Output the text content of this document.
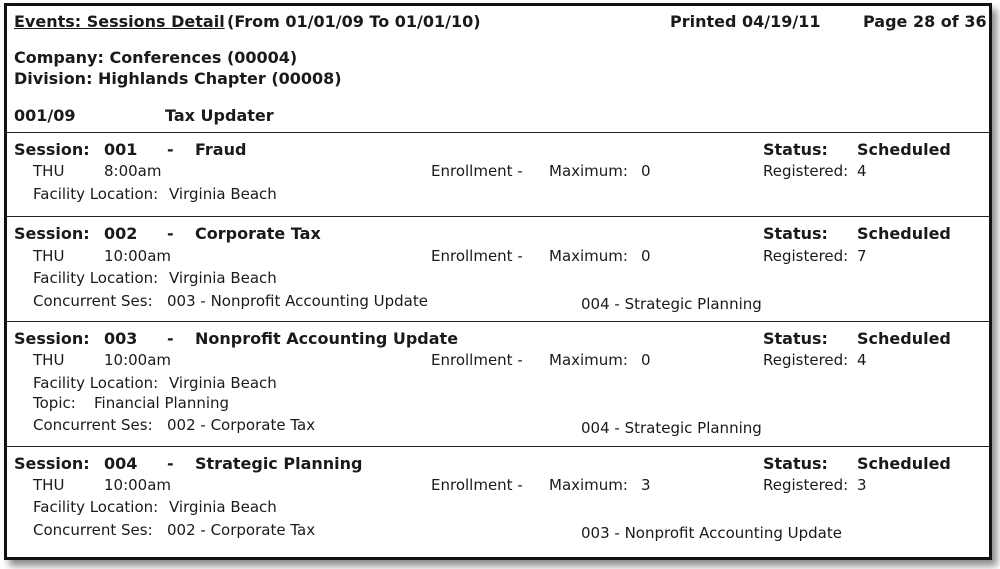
Events: Sessions Detail (From 01/01/09 To 01/01/10)	Printed 04/19/11	Page 28 of 36
Company: Conferences (00004)
Division: Highlands Chapter (00008)
001/09	Tax Updater
Session: 001 - Fraud	Status: Scheduled
THU	8:00am	Enrollment - Maximum: 0	Registered: 4
Facility Location: Virginia Beach
Session: 002 - Corporate Tax	Status: Scheduled
THU	10:00am	Enrollment - Maximum: 0	Registered: 7
Facility Location: Virginia Beach
Concurrent Ses: 003 - Nonprofit Accounting Update	004 - Strategic Planning
Session: 003 - Nonprofit Accounting Update	Status: Scheduled
THU	10:00am	Enrollment - Maximum: 0	Registered: 4
Facility Location: Virginia Beach
Topic: Financial Planning
Concurrent Ses: 002 - Corporate Tax	004 - Strategic Planning
Session: 004 - Strategic Planning	Status: Scheduled
THU	10:00am	Enrollment - Maximum: 3	Registered: 3
Facility Location: Virginia Beach
Concurrent Ses: 002 - Corporate Tax	003 - Nonprofit Accounting Update
